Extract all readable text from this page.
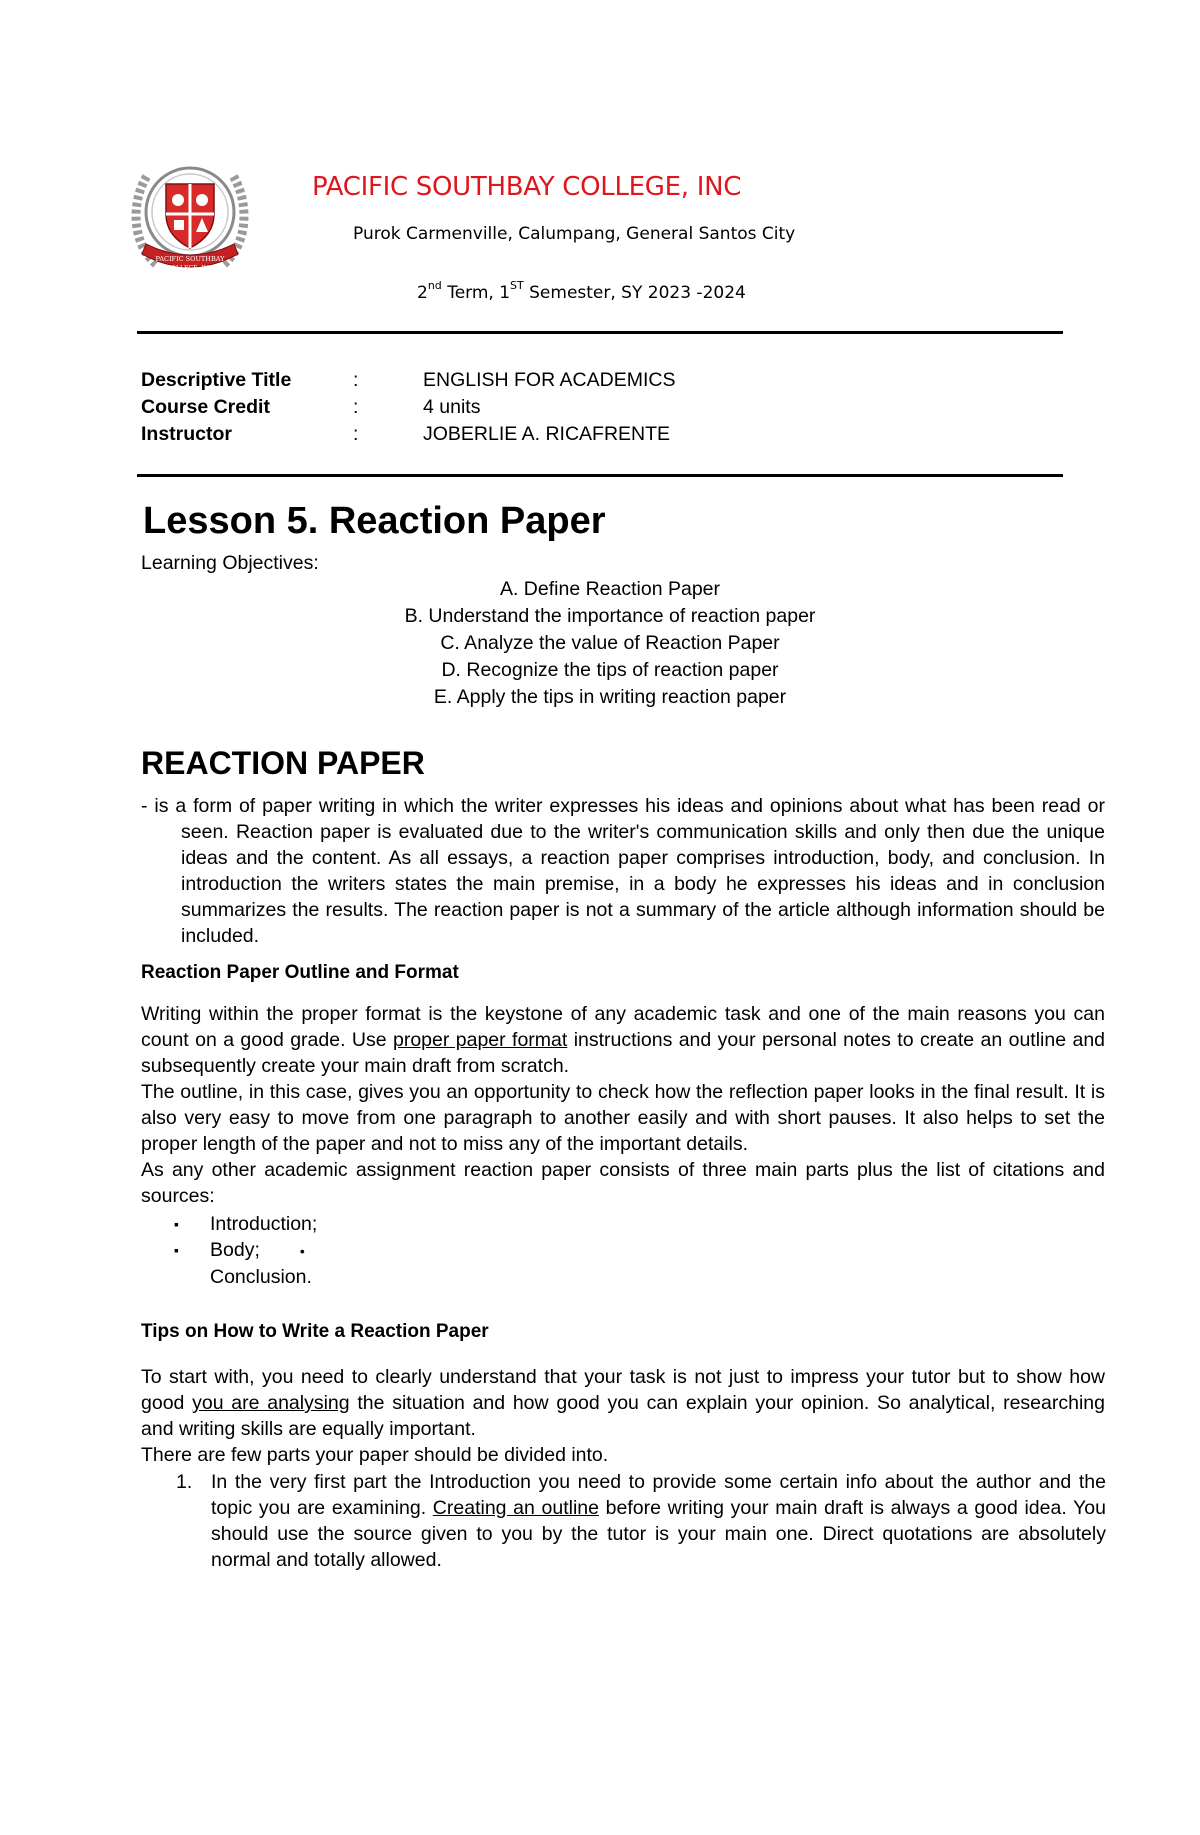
PACIFIC SOUTHBAY
COLLEGE, INC
PACIFIC SOUTHBAY COLLEGE, INC
Purok Carmenville, Calumpang, General Santos City
2nd Term, 1ST Semester, SY 2023 -2024
Descriptive Title	:	ENGLISH FOR ACADEMICS
Course Credit	:	4 units
Instructor	:	JOBERLIE A. RICAFRENTE
Lesson 5. Reaction Paper
Learning Objectives:
A. Define Reaction Paper
B. Understand the importance of reaction paper
C. Analyze the value of Reaction Paper
D. Recognize the tips of reaction paper
E. Apply the tips in writing reaction paper
REACTION PAPER

- is a form of paper writing in which the writer expresses his ideas and opinions about what has been read or seen. Reaction paper is evaluated due to the writer's communication skills and only then due the unique ideas and the content. As all essays, a reaction paper comprises introduction, body, and conclusion. In introduction the writers states the main premise, in a body he expresses his ideas and in conclusion summarizes the results. The reaction paper is not a summary of the article although information should be included.

Reaction Paper Outline and Format

Writing within the proper format is the keystone of any academic task and one of the main reasons you can count on a good grade. Use proper paper format instructions and your personal notes to create an outline and subsequently create your main draft from scratch.

The outline, in this case, gives you an opportunity to check how the reflection paper looks in the final result. It is also very easy to move from one paragraph to another easily and with short pauses. It also helps to set the proper length of the paper and not to miss any of the important details.

As any other academic assignment reaction paper consists of three main parts plus the list of citations and sources:

▪ Introduction;
▪ Body;	•
Conclusion.
Tips on How to Write a Reaction Paper

To start with, you need to clearly understand that your task is not just to impress your tutor but to show how good you are analysing the situation and how good you can explain your opinion. So analytical, researching and writing skills are equally important.

There are few parts your paper should be divided into.

1. In the very first part the Introduction you need to provide some certain info about the author and the topic you are examining. Creating an outline before writing your main draft is always a good idea. You should use the source given to you by the tutor is your main one. Direct quotations are absolutely normal and totally allowed.
